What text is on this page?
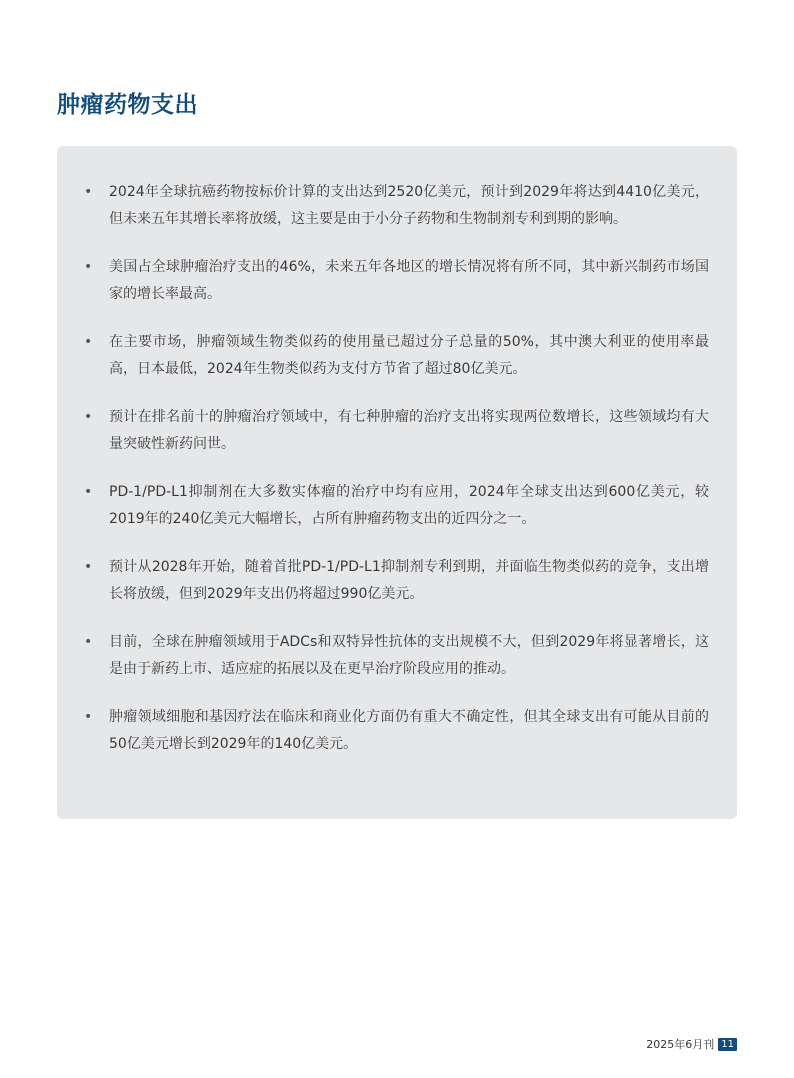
肿瘤药物支出
• 2024年全球抗癌药物按标价计算的支出达到2520亿美元，预计到2029年将达到4410亿美元，但未来五年其增长率将放缓，这主要是由于小分子药物和生物制剂专利到期的影响。
• 美国占全球肿瘤治疗支出的46%，未来五年各地区的增长情况将有所不同，其中新兴制药市场国家的增长率最高。
• 在主要市场，肿瘤领域生物类似药的使用量已超过分子总量的50%，其中澳大利亚的使用率最高，日本最低，2024年生物类似药为支付方节省了超过80亿美元。
• 预计在排名前十的肿瘤治疗领域中，有七种肿瘤的治疗支出将实现两位数增长，这些领域均有大量突破性新药问世。
• PD-1/PD-L1抑制剂在大多数实体瘤的治疗中均有应用，2024年全球支出达到600亿美元，较2019年的240亿美元大幅增长，占所有肿瘤药物支出的近四分之一。
• 预计从2028年开始，随着首批PD-1/PD-L1抑制剂专利到期，并面临生物类似药的竞争，支出增长将放缓，但到2029年支出仍将超过990亿美元。
• 目前，全球在肿瘤领域用于ADCs和双特异性抗体的支出规模不大，但到2029年将显著增长，这是由于新药上市、适应症的拓展以及在更早治疗阶段应用的推动。
• 肿瘤领域细胞和基因疗法在临床和商业化方面仍有重大不确定性，但其全球支出有可能从目前的50亿美元增长到2029年的140亿美元。
2025年6月刊 11
